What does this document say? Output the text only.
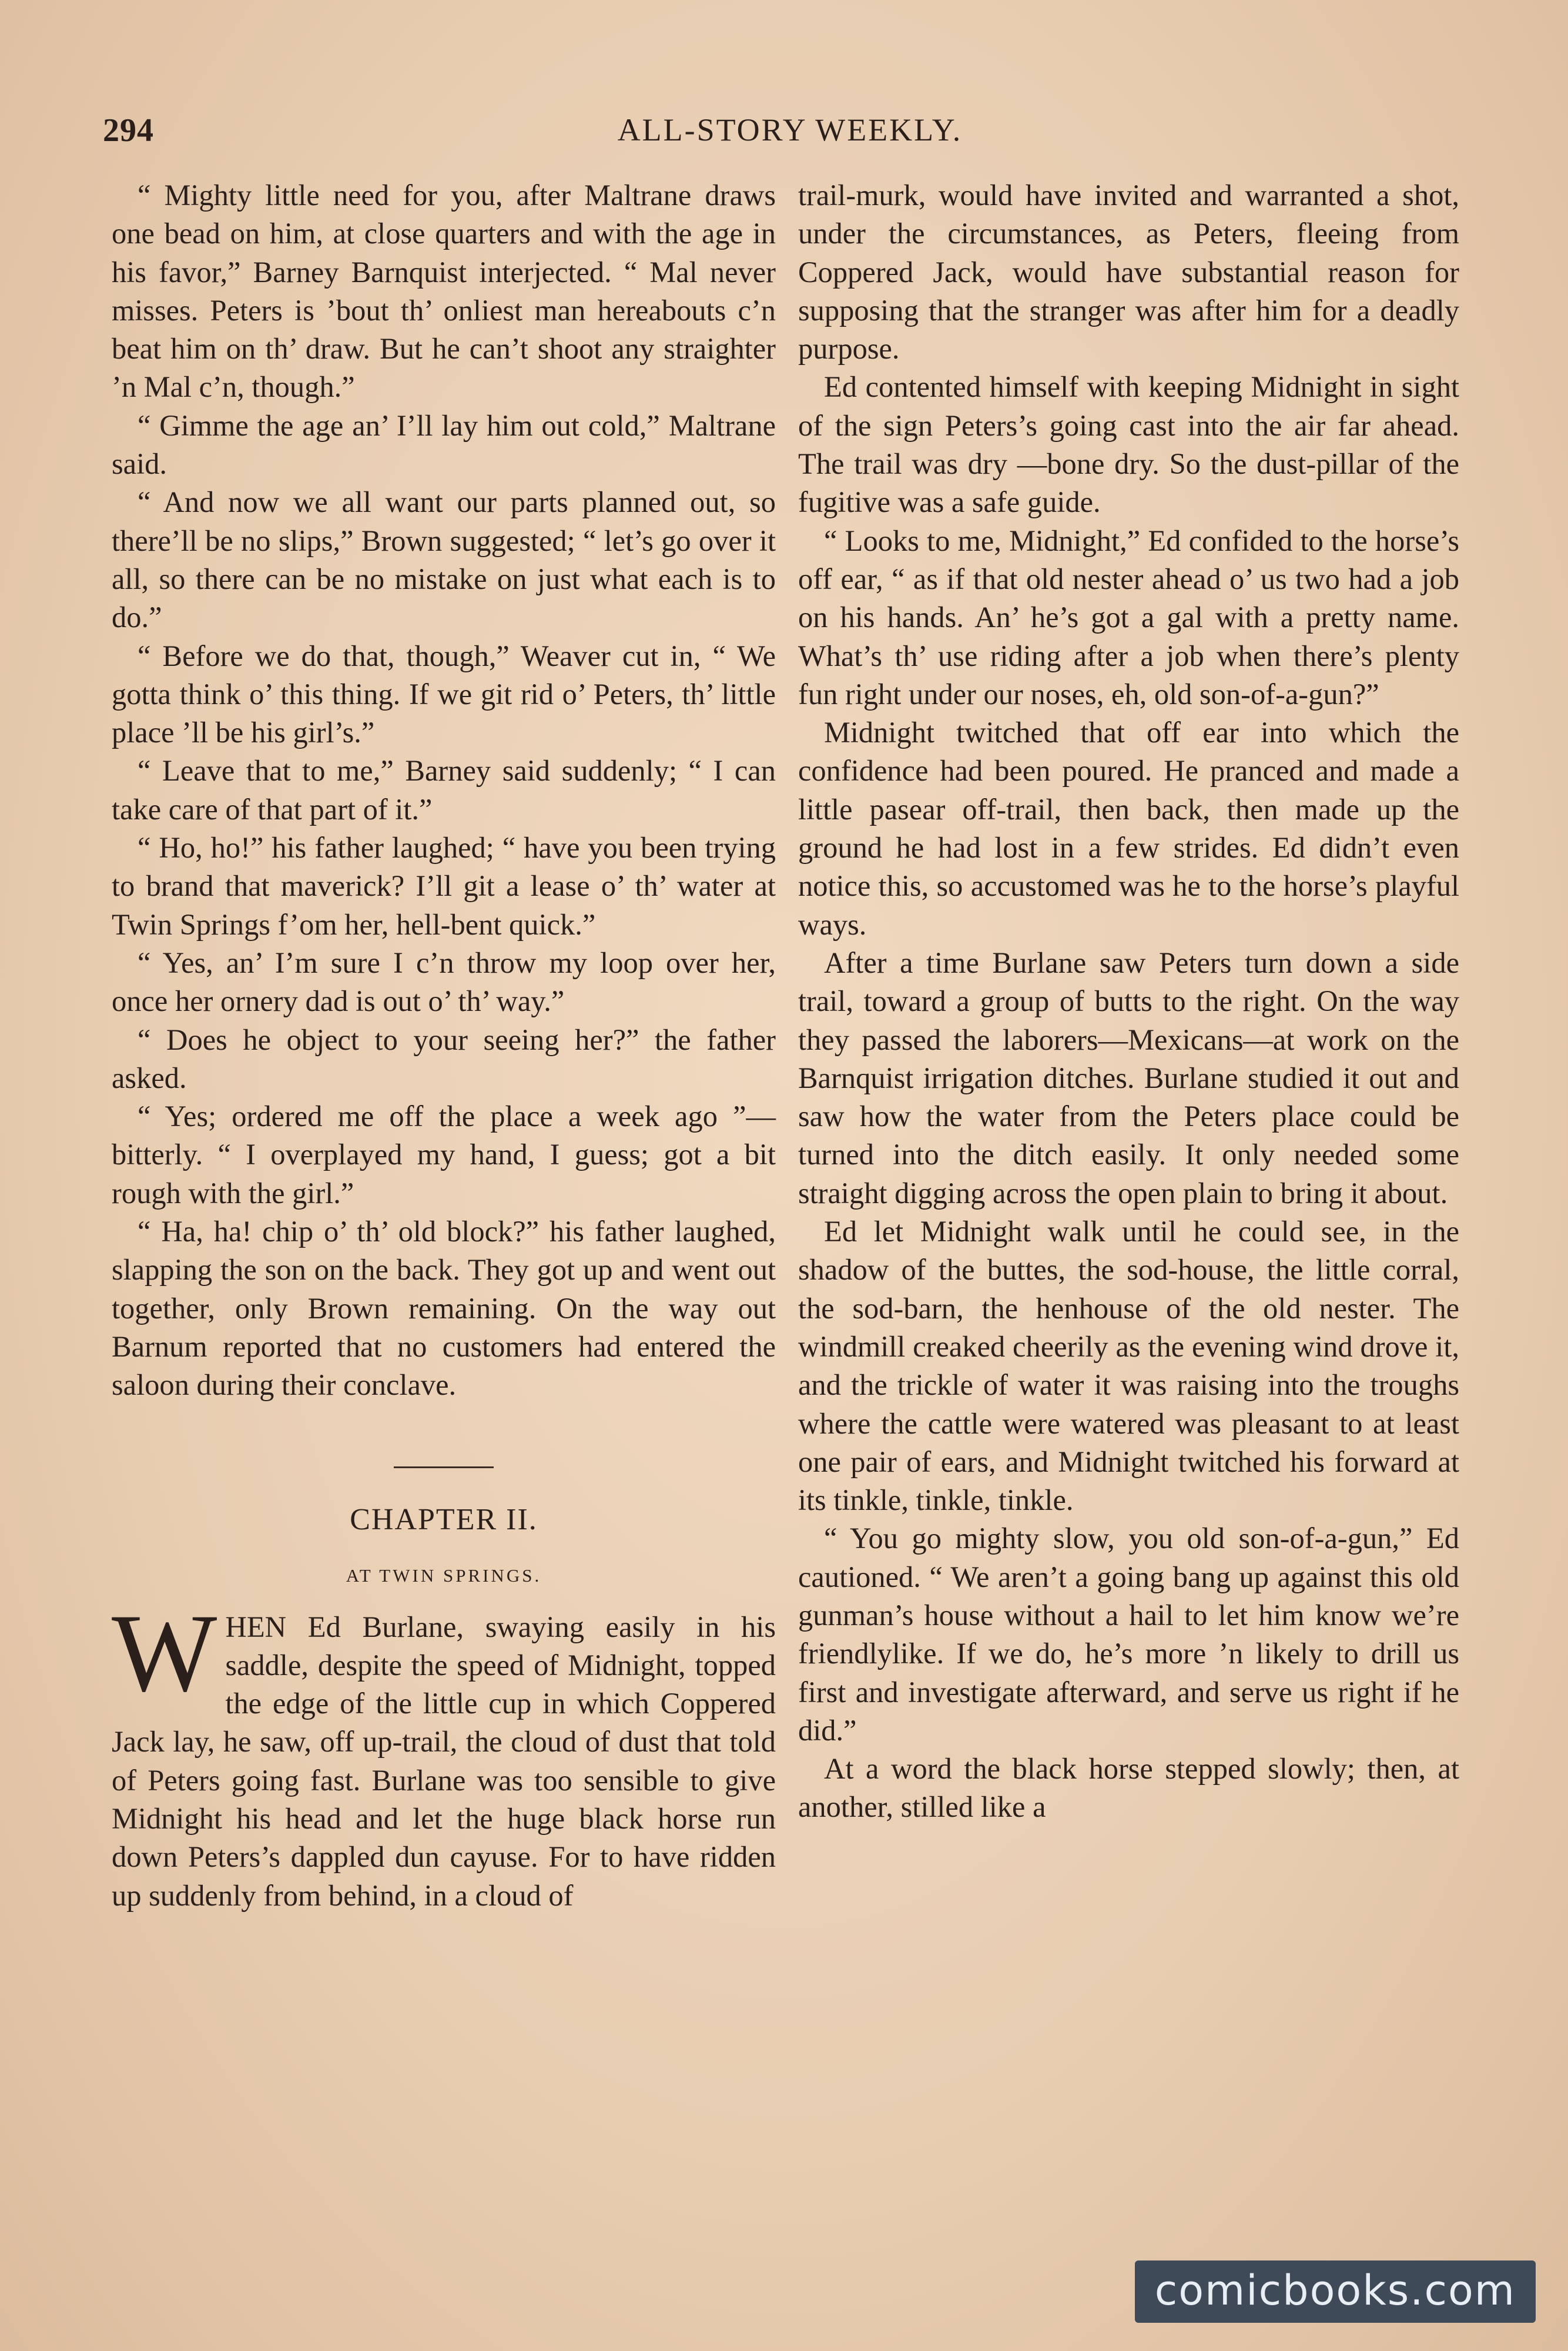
294	ALL-STORY WEEKLY.

“ Mighty little need for you, after Maltrane draws one bead on him, at close quarters and with the age in his favor,” Barney Barnquist interjected. “ Mal never misses. Peters is ’bout th’ onliest man hereabouts c’n beat him on th’ draw. But he can’t shoot any straighter ’n Mal c’n, though.”

“ Gimme the age an’ I’ll lay him out cold,” Maltrane said.

“ And now we all want our parts planned out, so there’ll be no slips,” Brown suggested; “ let’s go over it all, so there can be no mistake on just what each is to do.”

“ Before we do that, though,” Weaver cut in, “ We gotta think o’ this thing. If we git rid o’ Peters, th’ little place ’ll be his girl’s.”

“ Leave that to me,” Barney said suddenly; “ I can take care of that part of it.”

“ Ho, ho!” his father laughed; “ have you been trying to brand that maverick? I’ll git a lease o’ th’ water at Twin Springs f’om her, hell-bent quick.”

“ Yes, an’ I’m sure I c’n throw my loop over her, once her ornery dad is out o’ th’ way.”

“ Does he object to your seeing her?” the father asked.

“ Yes; ordered me off the place a week ago ”—bitterly. “ I overplayed my hand, I guess; got a bit rough with the girl.”

“ Ha, ha! chip o’ th’ old block?” his father laughed, slapping the son on the back. They got up and went out together, only Brown remaining. On the way out Barnum reported that no customers had entered the saloon during their conclave.

CHAPTER II.
AT TWIN SPRINGS.

WHEN Ed Burlane, swaying easily in his saddle, despite the speed of Midnight, topped the edge of the little cup in which Coppered Jack lay, he saw, off up-trail, the cloud of dust that told of Peters going fast. Burlane was too sensible to give Midnight his head and let the huge black horse run down Peters’s dappled dun cayuse. For to have ridden up suddenly from behind, in a cloud of

trail-murk, would have invited and warranted a shot, under the circumstances, as Peters, fleeing from Coppered Jack, would have substantial reason for supposing that the stranger was after him for a deadly purpose.

Ed contented himself with keeping Midnight in sight of the sign Peters’s going cast into the air far ahead. The trail was dry —bone dry. So the dust-pillar of the fugitive was a safe guide.

“ Looks to me, Midnight,” Ed confided to the horse’s off ear, “ as if that old nester ahead o’ us two had a job on his hands. An’ he’s got a gal with a pretty name. What’s th’ use riding after a job when there’s plenty fun right under our noses, eh, old son-of-a-gun?”

Midnight twitched that off ear into which the confidence had been poured. He pranced and made a little pasear off-trail, then back, then made up the ground he had lost in a few strides. Ed didn’t even notice this, so accustomed was he to the horse’s playful ways.

After a time Burlane saw Peters turn down a side trail, toward a group of butts to the right. On the way they passed the laborers—Mexicans—at work on the Barnquist irrigation ditches. Burlane studied it out and saw how the water from the Peters place could be turned into the ditch easily. It only needed some straight digging across the open plain to bring it about.

Ed let Midnight walk until he could see, in the shadow of the buttes, the sod-house, the little corral, the sod-barn, the henhouse of the old nester. The windmill creaked cheerily as the evening wind drove it, and the trickle of water it was raising into the troughs where the cattle were watered was pleasant to at least one pair of ears, and Midnight twitched his forward at its tinkle, tinkle, tinkle.

“ You go mighty slow, you old son-of-a-gun,” Ed cautioned. “ We aren’t a going bang up against this old gunman’s house without a hail to let him know we’re friendlylike. If we do, he’s more ’n likely to drill us first and investigate afterward, and serve us right if he did.”

At a word the black horse stepped slowly; then, at another, stilled like a

comicbooks.com
